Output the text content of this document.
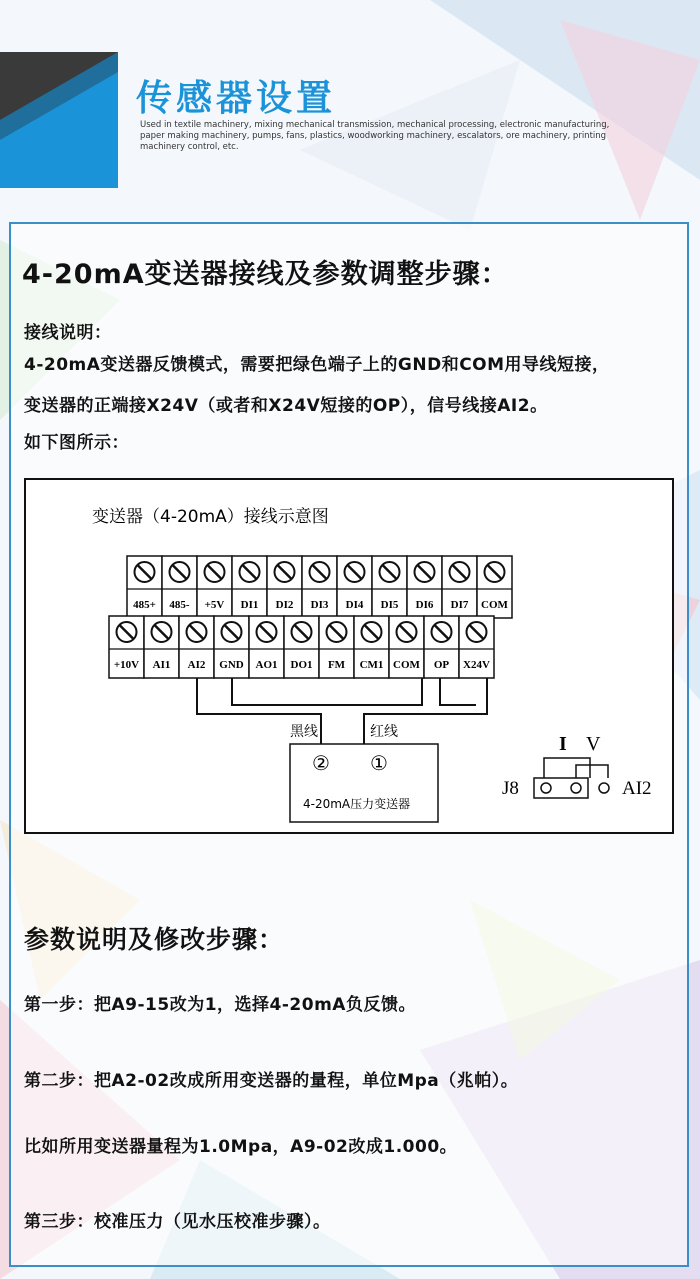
传感器设置
Used in textile machinery, mixing mechanical transmission, mechanical processing, electronic manufacturing, paper making machinery, pumps, fans, plastics, woodworking machinery, escalators, ore machinery, printing machinery control, etc.
4-20mA变送器接线及参数调整步骤：
接线说明：
4-20mA变送器反馈模式，需要把绿色端子上的GND和COM用导线短接，
变送器的正端接X24V（或者和X24V短接的OP），信号线接AI2。
如下图所示：
变送器（4-20mA）接线示意图
485+ 485- +5V DI1 DI2 DI3 DI4 DI5 DI6 DI7 COM
+10V AI1 AI2 GND AO1 DO1 FM CM1 COM OP X24V
黑线	红线
② ①
4-20mA压力变送器
I V
J8	AI2
参数说明及修改步骤：
第一步：把A9-15改为1，选择4-20mA负反馈。
第二步：把A2-02改成所用变送器的量程，单位Mpa（兆帕）。
比如所用变送器量程为1.0Mpa，A9-02改成1.000。
第三步：校准压力（见水压校准步骤）。
